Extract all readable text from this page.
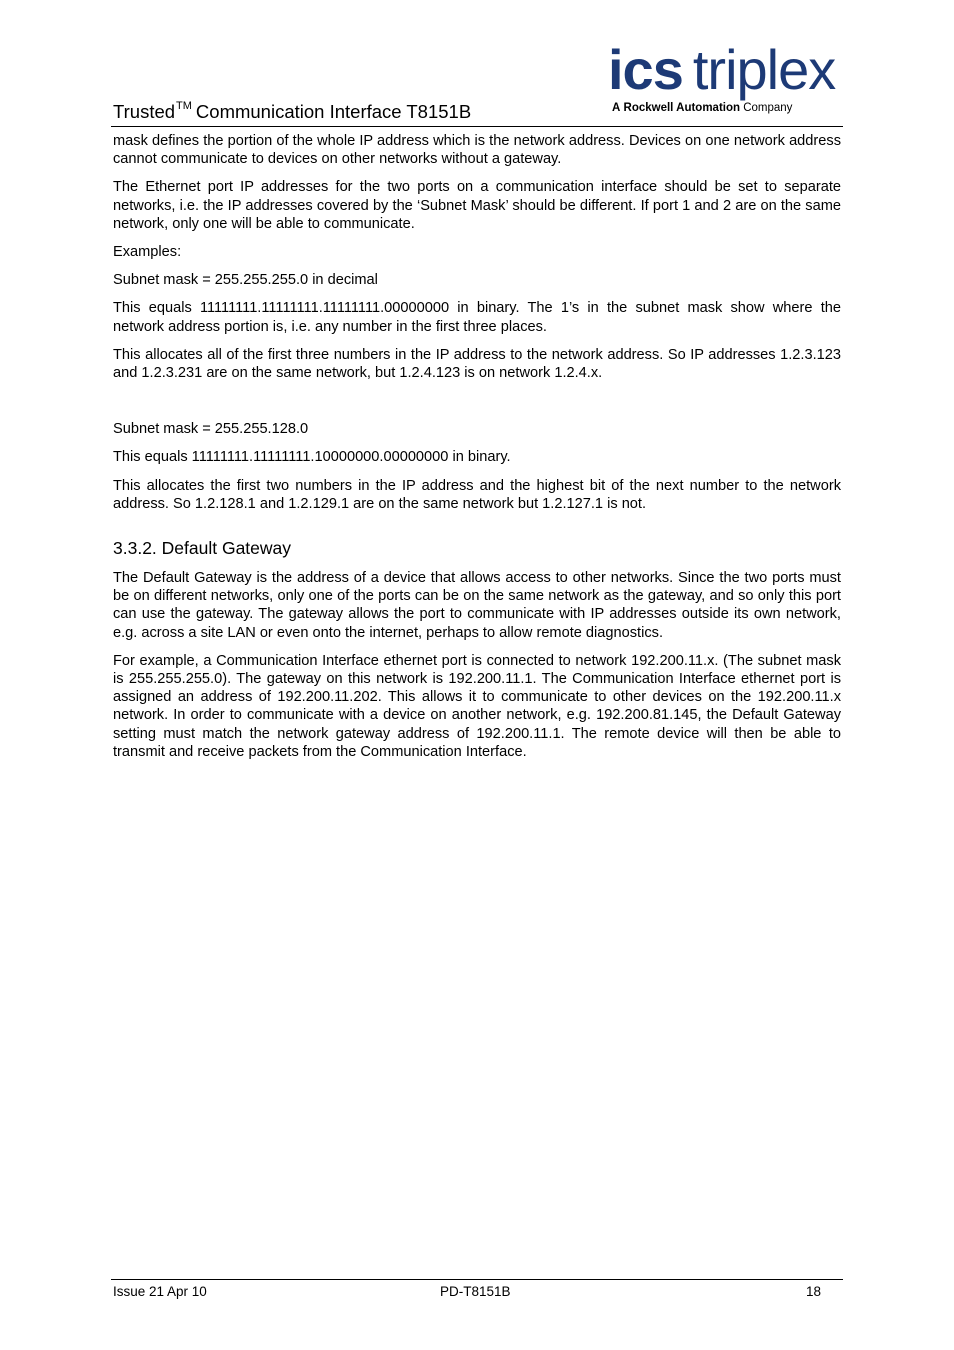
Trusted™ Communication Interface T8151B
ics triplex
A Rockwell Automation Company

mask defines the portion of the whole IP address which is the network address. Devices on one network address cannot communicate to devices on other networks without a gateway.

The Ethernet port IP addresses for the two ports on a communication interface should be set to separate networks, i.e. the IP addresses covered by the ‘Subnet Mask’ should be different. If port 1 and 2 are on the same network, only one will be able to communicate.

Examples:

Subnet mask = 255.255.255.0 in decimal

This equals 11111111.11111111.11111111.00000000 in binary. The 1’s in the subnet mask show where the network address portion is, i.e. any number in the first three places.

This allocates all of the first three numbers in the IP address to the network address. So IP addresses 1.2.3.123 and 1.2.3.231 are on the same network, but 1.2.4.123 is on network 1.2.4.x.

Subnet mask = 255.255.128.0

This equals 11111111.11111111.10000000.00000000 in binary.

This allocates the first two numbers in the IP address and the highest bit of the next number to the network address. So 1.2.128.1 and 1.2.129.1 are on the same network but 1.2.127.1 is not.

3.3.2. Default Gateway

The Default Gateway is the address of a device that allows access to other networks. Since the two ports must be on different networks, only one of the ports can be on the same network as the gateway, and so only this port can use the gateway. The gateway allows the port to communicate with IP addresses outside its own network, e.g. across a site LAN or even onto the internet, perhaps to allow remote diagnostics.

For example, a Communication Interface ethernet port is connected to network 192.200.11.x. (The subnet mask is 255.255.255.0). The gateway on this network is 192.200.11.1. The Communication Interface ethernet port is assigned an address of 192.200.11.202. This allows it to communicate to other devices on the 192.200.11.x network. In order to communicate with a device on another network, e.g. 192.200.81.145, the Default Gateway setting must match the network gateway address of 192.200.11.1. The remote device will then be able to transmit and receive packets from the Communication Interface.

Issue 21 Apr 10	PD-T8151B	18
